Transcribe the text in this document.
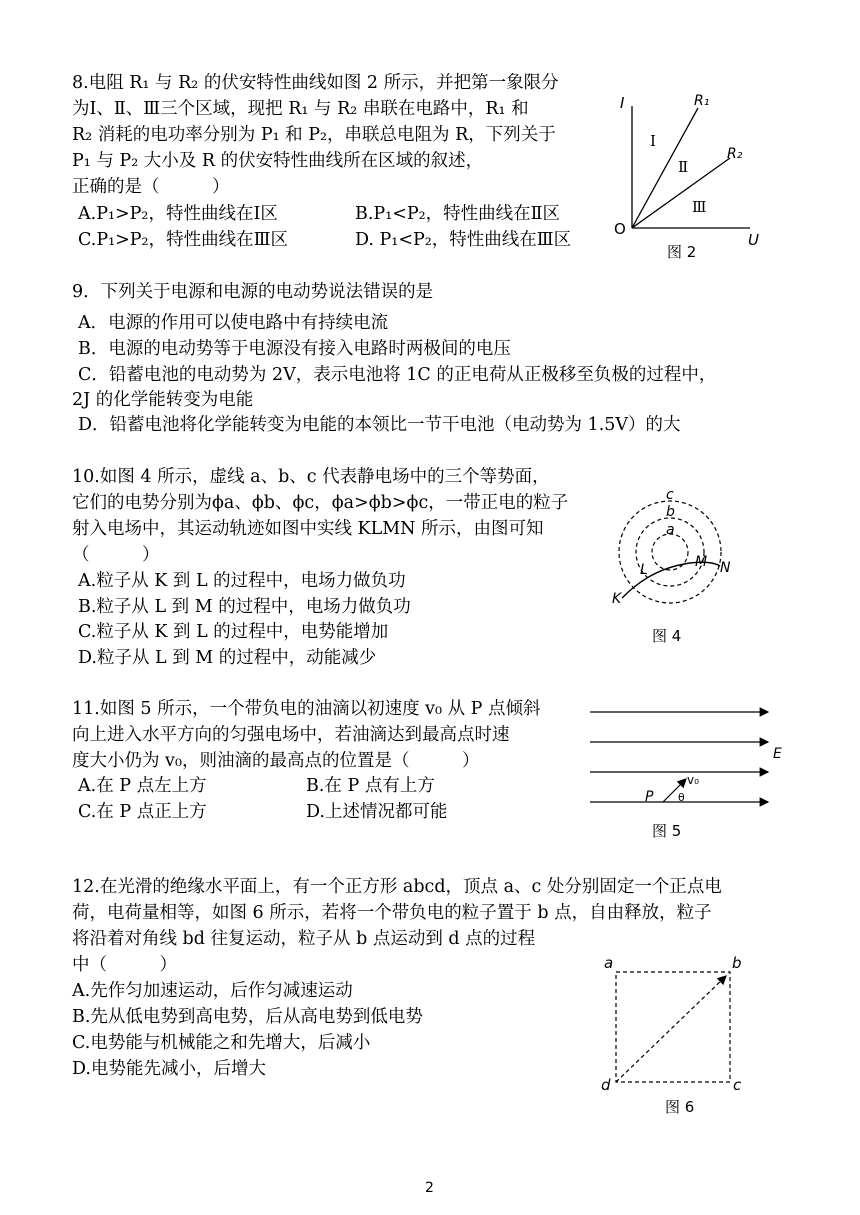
8.电阻 R₁ 与 R₂ 的伏安特性曲线如图 2 所示，并把第一象限分
为Ⅰ、Ⅱ、Ⅲ三个区域，现把 R₁ 与 R₂ 串联在电路中，R₁ 和
R₂ 消耗的电功率分别为 P₁ 和 P₂，串联总电阻为 R，下列关于
P₁ 与 P₂ 大小及 R 的伏安特性曲线所在区域的叙述，
正确的是（　　　）
A.P₁>P₂，特性曲线在Ⅰ区	B.P₁<P₂，特性曲线在Ⅱ区
C.P₁>P₂，特性曲线在Ⅲ区	D. P₁<P₂，特性曲线在Ⅲ区
I
U
O
R₁
R₂
Ⅰ
Ⅱ
Ⅲ
图 2
9．下列关于电源和电源的电动势说法错误的是
A．电源的作用可以使电路中有持续电流
B．电源的电动势等于电源没有接入电路时两极间的电压
C．铅蓄电池的电动势为 2V，表示电池将 1C 的正电荷从正极移至负极的过程中，
2J 的化学能转变为电能
D．铅蓄电池将化学能转变为电能的本领比一节干电池（电动势为 1.5V）的大
10.如图 4 所示，虚线 a、b、c 代表静电场中的三个等势面，
它们的电势分别为ϕa、ϕb、ϕc，ϕa>ϕb>ϕc，一带正电的粒子
射入电场中，其运动轨迹如图中实线 KLMN 所示，由图可知
（　　　）
A.粒子从 K 到 L 的过程中，电场力做负功
B.粒子从 L 到 M 的过程中，电场力做负功
C.粒子从 K 到 L 的过程中，电势能增加
D.粒子从 L 到 M 的过程中，动能减少
c
b
a
L	M N
K
图 4
11.如图 5 所示，一个带负电的油滴以初速度 v₀ 从 P 点倾斜
向上进入水平方向的匀强电场中，若油滴达到最高点时速
度大小仍为 v₀，则油滴的最高点的位置是（　　　）
A.在 P 点左上方	B.在 P 点有上方
C.在 P 点正上方	D.上述情况都可能
E
P
v₀
θ
图 5
12.在光滑的绝缘水平面上，有一个正方形 abcd，顶点 a、c 处分别固定一个正点电
荷，电荷量相等，如图 6 所示，若将一个带负电的粒子置于 b 点，自由释放，粒子
将沿着对角线 bd 往复运动，粒子从 b 点运动到 d 点的过程
中（　　　）
A.先作匀加速运动，后作匀减速运动
B.先从低电势到高电势，后从高电势到低电势
C.电势能与机械能之和先增大，后减小
D.电势能先减小，后增大
a	b
c
d
图 6
2
